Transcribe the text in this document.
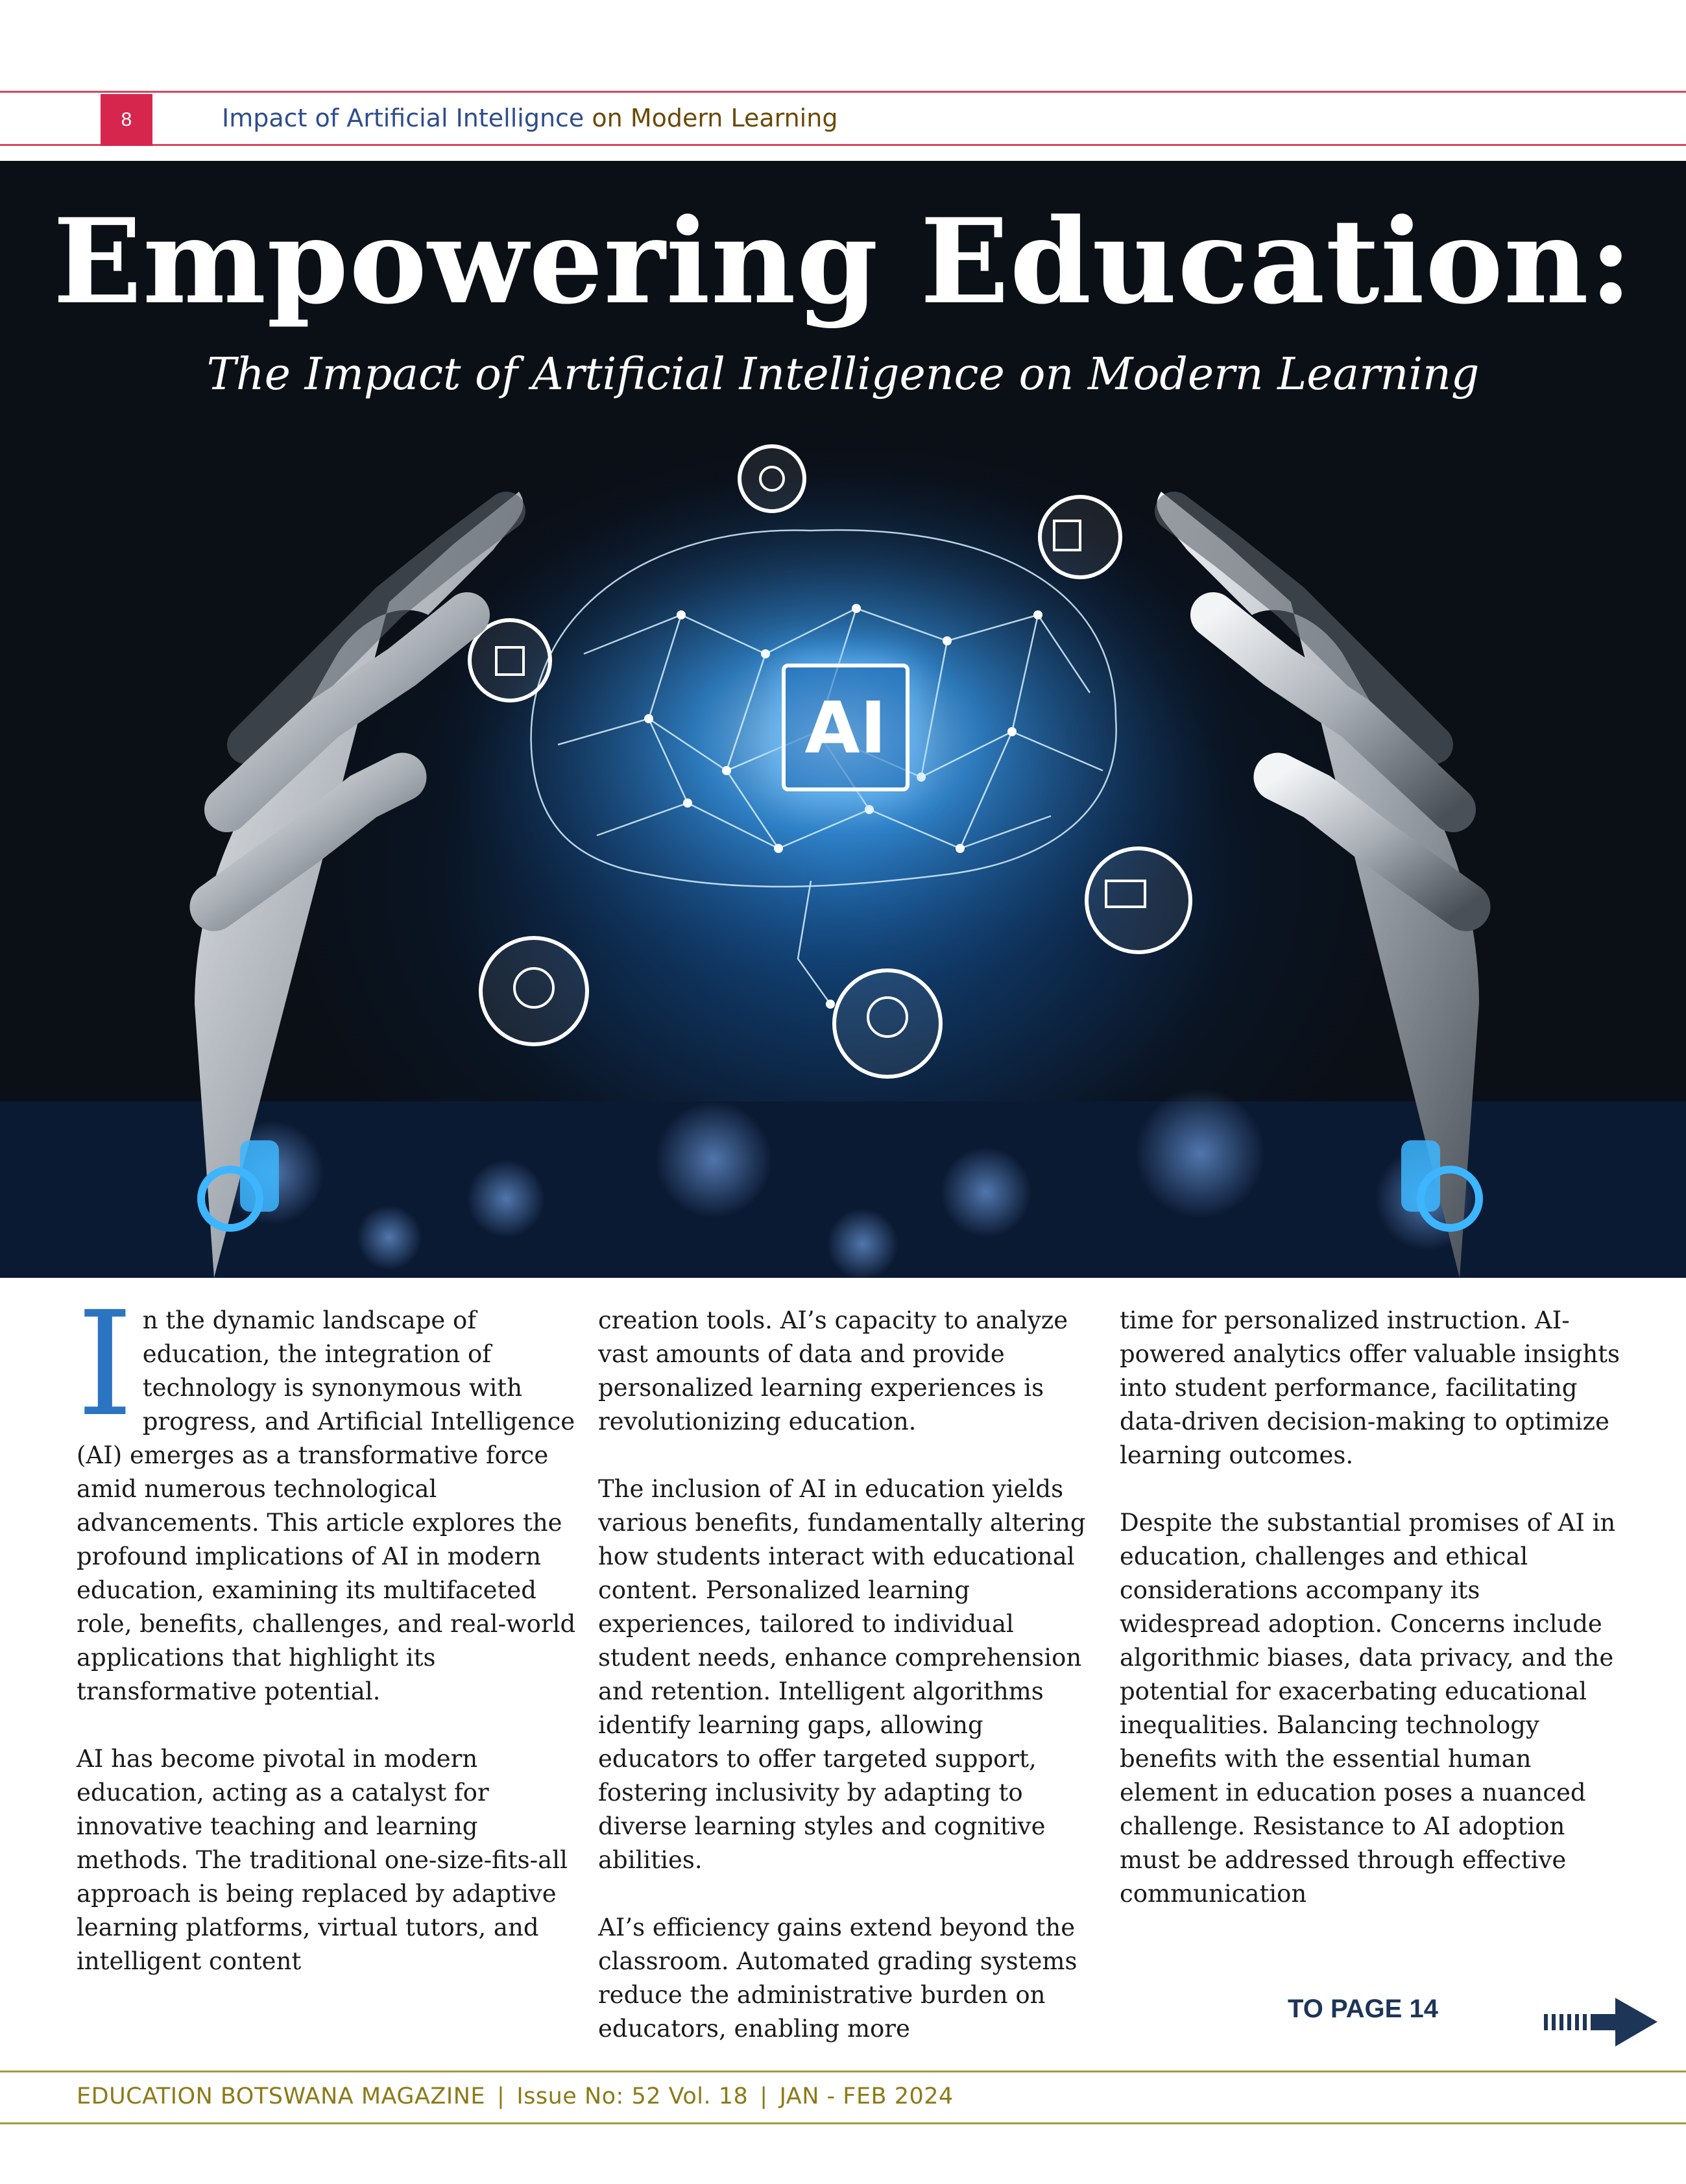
8	Impact of Artificial Intellignce on Modern Learning
Empowering Education:
The Impact of Artificial Intelligence on Modern Learning
AI

In the dynamic landscape of education, the integration of technology is synonymous with progress, and Artificial Intelligence (AI) emerges as a transformative force amid numerous technological advancements. This article explores the profound implications of AI in modern education, examining its multifaceted role, benefits, challenges, and real-world applications that highlight its transformative potential.

AI has become pivotal in modern education, acting as a catalyst for innovative teaching and learning methods. The traditional one-size-fits-all approach is being replaced by adaptive learning platforms, virtual tutors, and intelligent content

creation tools. AI’s capacity to analyze vast amounts of data and provide personalized learning experiences is revolutionizing education.

The inclusion of AI in education yields various benefits, fundamentally altering how students interact with educational content. Personalized learning experiences, tailored to individual student needs, enhance comprehension and retention. Intelligent algorithms identify learning gaps, allowing educators to offer targeted support, fostering inclusivity by adapting to diverse learning styles and cognitive abilities.

AI’s efficiency gains extend beyond the classroom. Automated grading systems reduce the administrative burden on educators, enabling more

time for personalized instruction. AI-powered analytics offer valuable insights into student performance, facilitating data-driven decision-making to optimize learning outcomes.

Despite the substantial promises of AI in education, challenges and ethical considerations accompany its widespread adoption. Concerns include algorithmic biases, data privacy, and the potential for exacerbating educational inequalities. Balancing technology benefits with the essential human element in education poses a nuanced challenge. Resistance to AI adoption must be addressed through effective communication

TO PAGE 14
EDUCATION BOTSWANA MAGAZINE | Issue No: 52 Vol. 18 | JAN - FEB 2024
